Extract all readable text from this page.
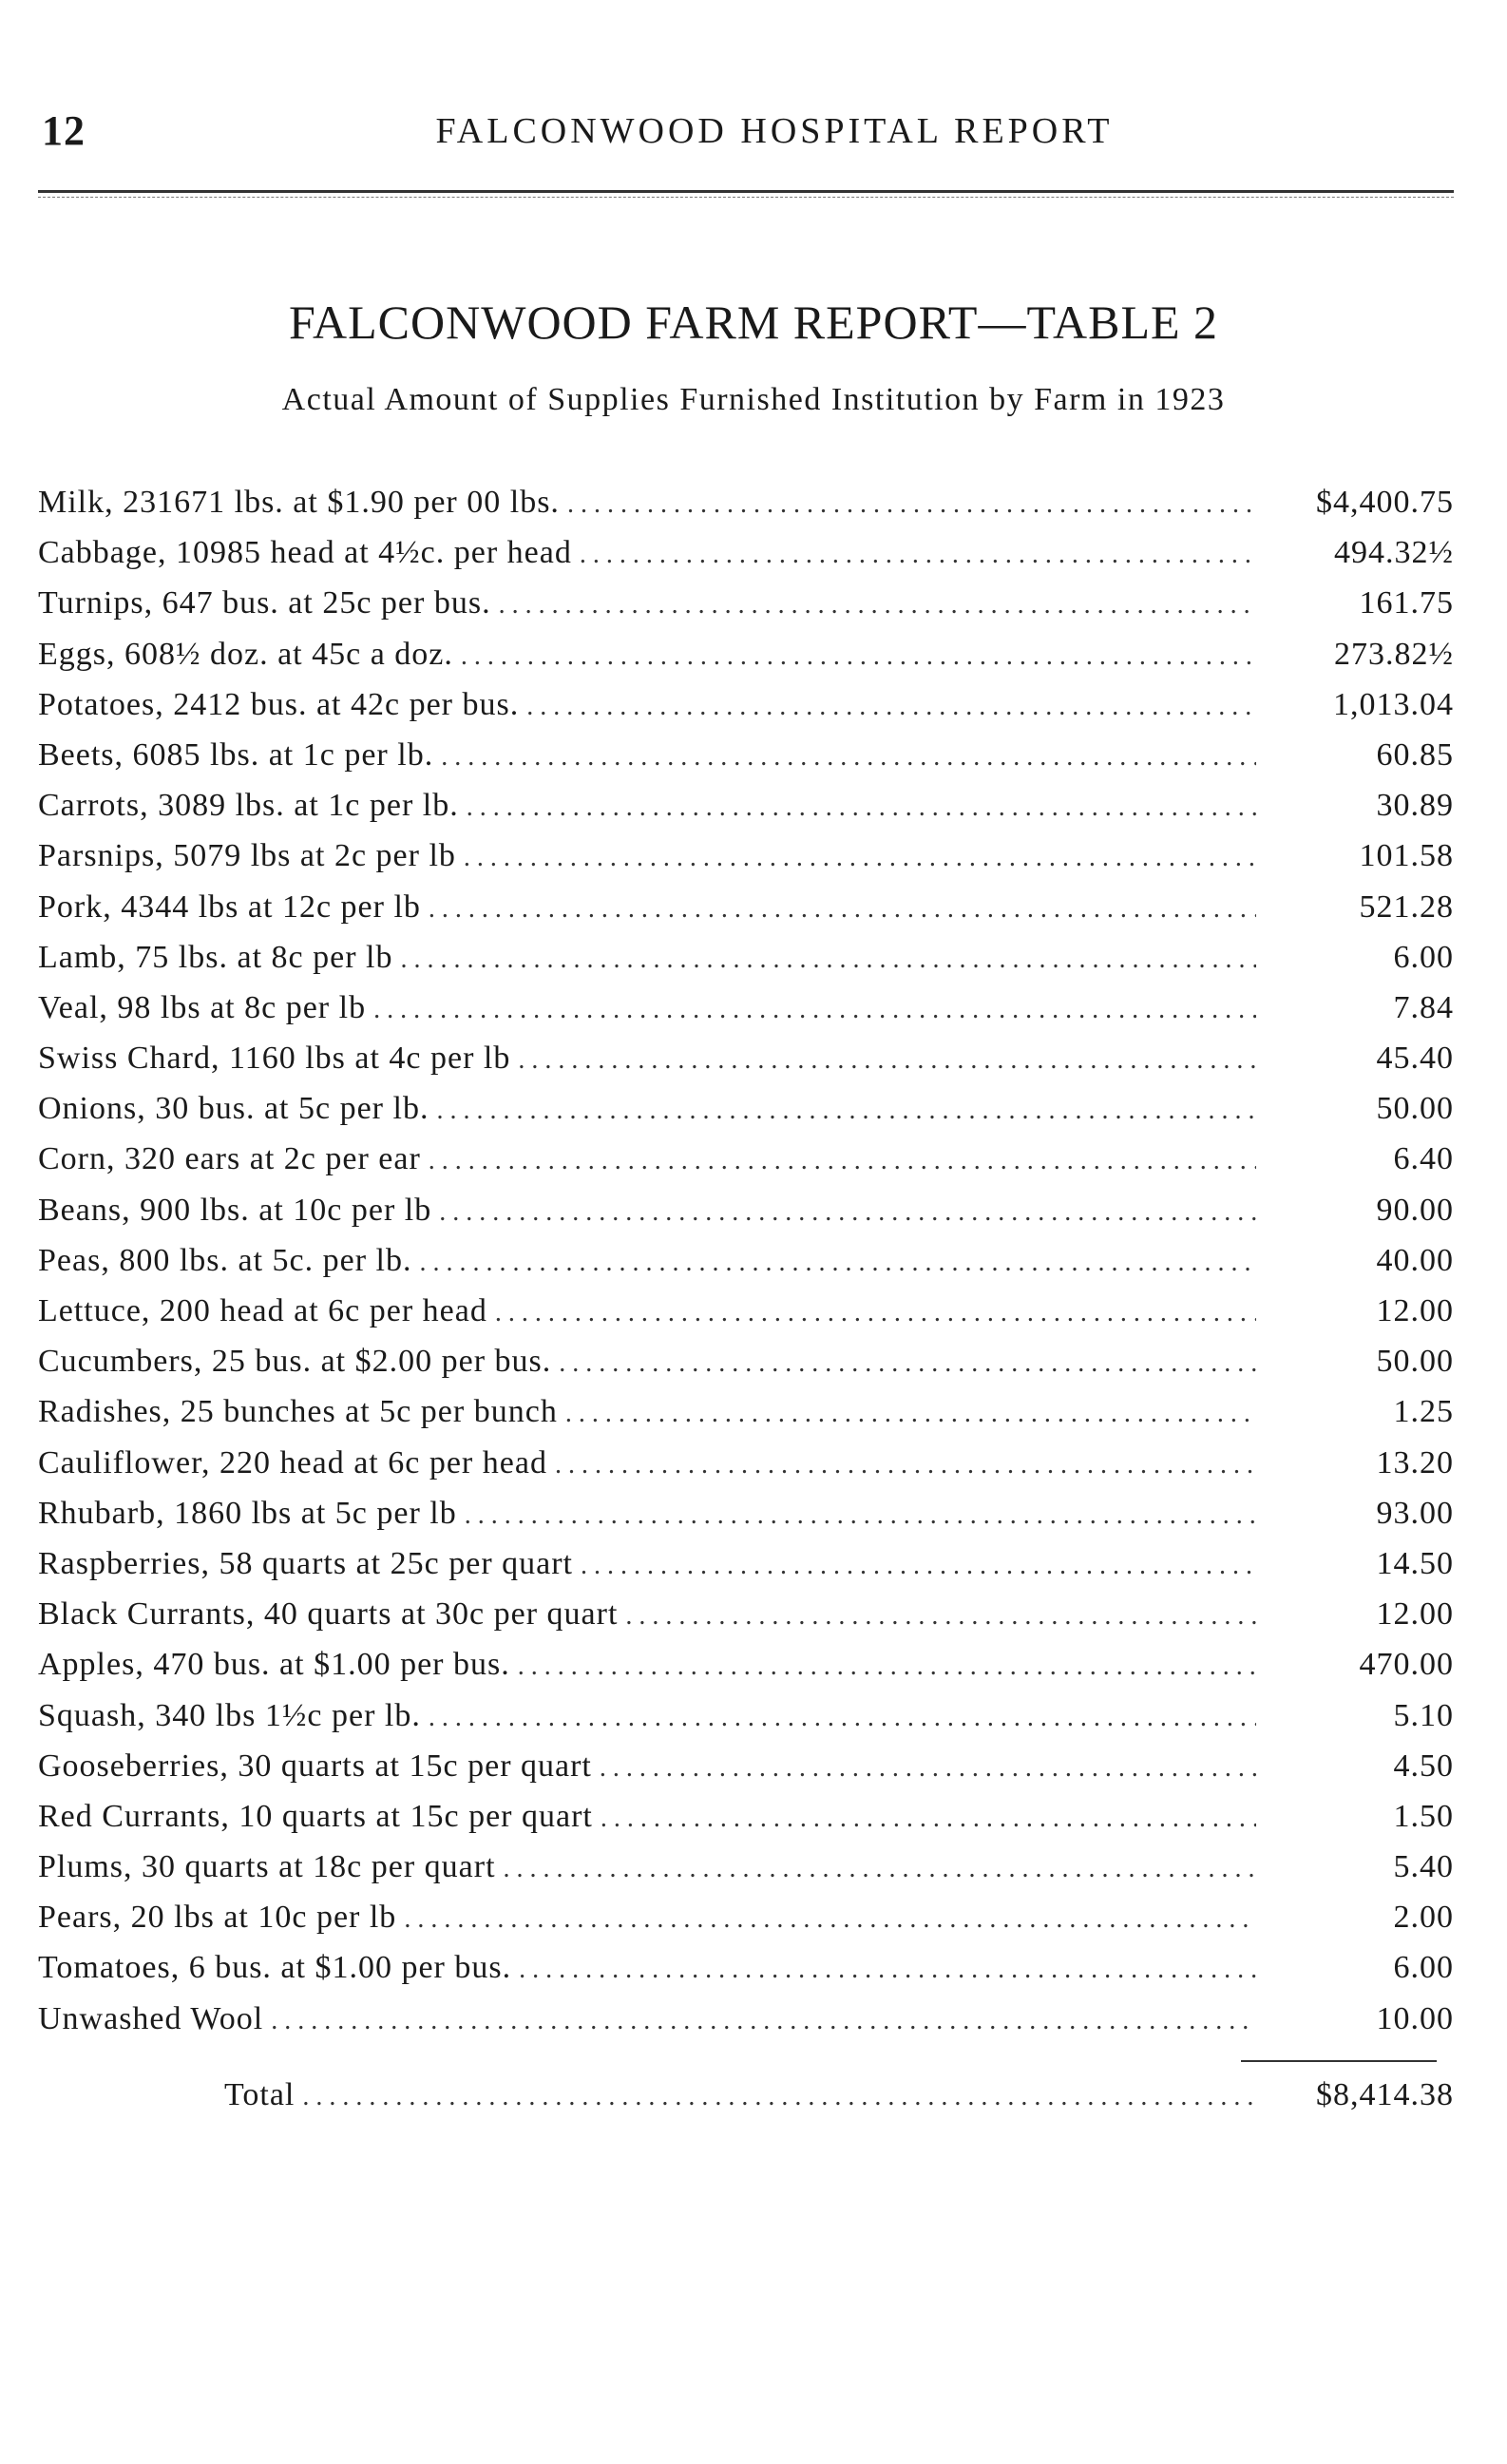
12	FALCONWOOD HOSPITAL REPORT
FALCONWOOD FARM REPORT—TABLE 2
Actual Amount of Supplies Furnished Institution by Farm in 1923
Milk, 231671 lbs. at $1.90 per 00 lbs. . . .	$4,400.75
Cabbage, 10985 head at 4½c. per head . . .	494.32½
Turnips, 647 bus. at 25c per bus. . . .	161.75
Eggs, 608½ doz. at 45c a doz. . . .	273.82½
Potatoes, 2412 bus. at 42c per bus. . . .	1,013.04
Beets, 6085 lbs. at 1c per lb. . . .	60.85
Carrots, 3089 lbs. at 1c per lb. . . .	30.89
Parsnips, 5079 lbs at 2c per lb . . .	101.58
Pork, 4344 lbs at 12c per lb . . .	521.28
Lamb, 75 lbs. at 8c per lb . . .	6.00
Veal, 98 lbs at 8c per lb . . .	7.84
Swiss Chard, 1160 lbs at 4c per lb . . .	45.40
Onions, 30 bus. at 5c per lb. . . .	50.00
Corn, 320 ears at 2c per ear . . .	6.40
Beans, 900 lbs. at 10c per lb . . .	90.00
Peas, 800 lbs. at 5c. per lb. . . .	40.00
Lettuce, 200 head at 6c per head . . .	12.00
Cucumbers, 25 bus. at $2.00 per bus. . . .	50.00
Radishes, 25 bunches at 5c per bunch . . .	1.25
Cauliflower, 220 head at 6c per head . . .	13.20
Rhubarb, 1860 lbs at 5c per lb . . .	93.00
Raspberries, 58 quarts at 25c per quart . . .	14.50
Black Currants, 40 quarts at 30c per quart . . .	12.00
Apples, 470 bus. at $1.00 per bus. . . .	470.00
Squash, 340 lbs 1½c per lb. . . .	5.10
Gooseberries, 30 quarts at 15c per quart . . .	4.50
Red Currants, 10 quarts at 15c per quart . . .	1.50
Plums, 30 quarts at 18c per quart . . .	5.40
Pears, 20 lbs at 10c per lb . . .	2.00
Tomatoes, 6 bus. at $1.00 per bus. . . .	6.00
Unwashed Wool . . .	10.00
Total . . .	$8,414.38
